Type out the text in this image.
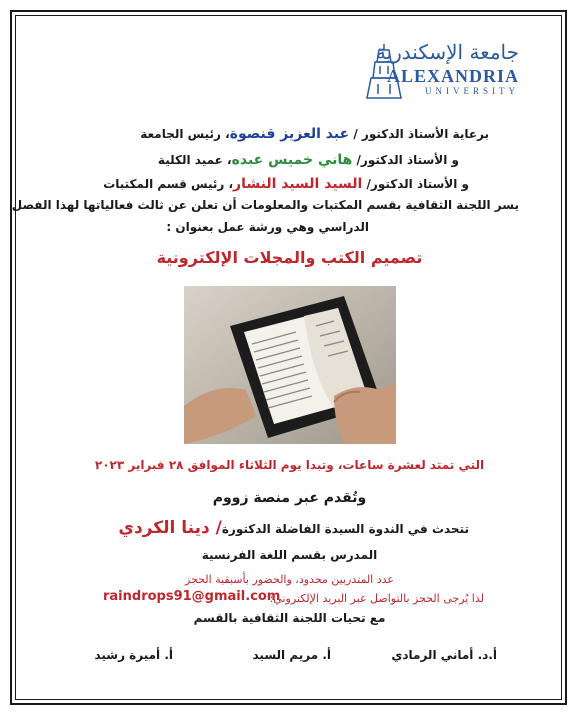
جامعة الإسكندرية
ALEXANDRIA
UNIVERSITY
برعاية الأستاذ الدكتور / عبد العزيز قنصوة، رئيس الجامعة
و الأستاذ الدكتور/ هاني خميس عبده، عميد الكلية
و الأستاذ الدكتور/ السيد السيد النشار، رئيس قسم المكتبات
يسر اللجنة الثقافية بقسم المكتبات والمعلومات أن تعلن عن ثالث فعالياتها لهذا الفصل
الدراسي وهي ورشة عمل بعنوان :
تصميم الكتب والمجلات الإلكترونية
التي تمتد لعشرة ساعات، وتبدا يوم الثلاثاء الموافق ٢٨ فبراير ٢٠٢٣
وتُقدم عبر منصة زووم
تتحدث في الندوة السيدة الفاضلة الدكتورة/ دينا الكردي
المدرس بقسم اللغة الفرنسية
عدد المتدربين محدود، والحضور بأسبقية الحجز
لذا يُرجى الحجز بالتواصل عبر البريد الإلكتروني:
raindrops91@gmail.com
مع تحيات اللجنة الثقافية بالقسم
أ.د. أماني الرمادي
أ. مريم السيد
أ. أميرة رشيد
